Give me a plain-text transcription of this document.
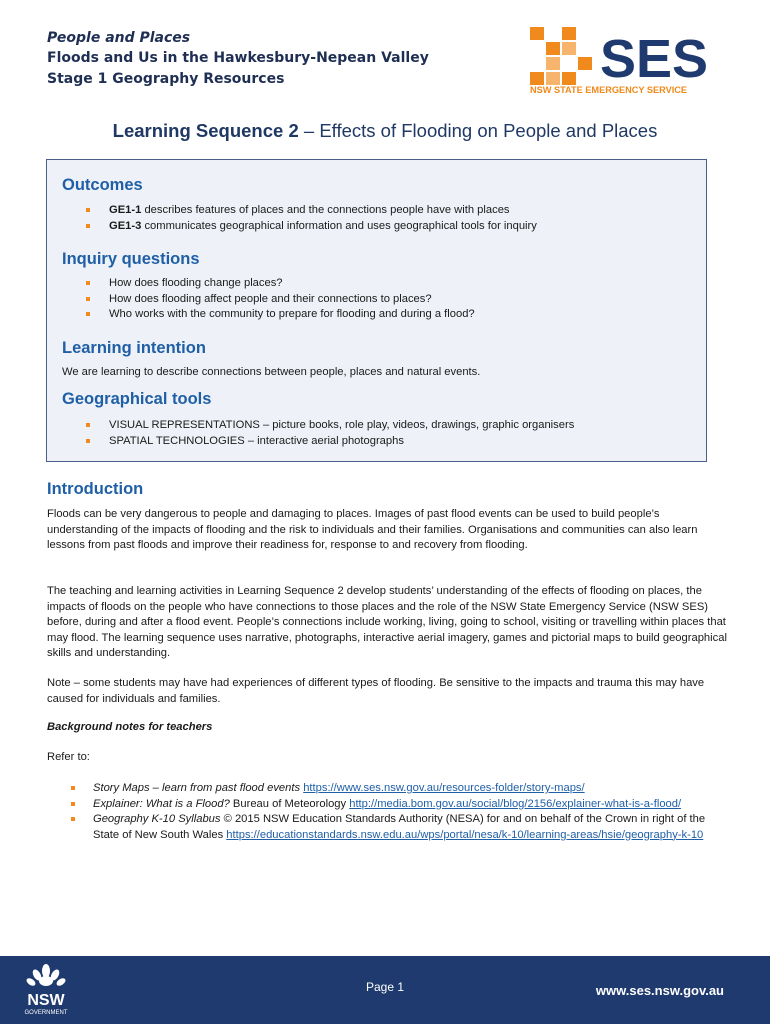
People and Places
Floods and Us in the Hawkesbury-Nepean Valley
Stage 1 Geography Resources	SES
NSW STATE EMERGENCY SERVICE
Learning Sequence 2 – Effects of Flooding on People and Places
Outcomes
GE1-1 describes features of places and the connections people have with places
GE1-3 communicates geographical information and uses geographical tools for inquiry
Inquiry questions
How does flooding change places?
How does flooding affect people and their connections to places?
Who works with the community to prepare for flooding and during a flood?
Learning intention

We are learning to describe connections between people, places and natural events.

Geographical tools
VISUAL REPRESENTATIONS – picture books, role play, videos, drawings, graphic organisers
SPATIAL TECHNOLOGIES – interactive aerial photographs
Introduction

Floods can be very dangerous to people and damaging to places. Images of past flood events can be used to build people’s understanding of the impacts of flooding and the risk to individuals and their families. Organisations and communities can also learn lessons from past floods and improve their readiness for, response to and recovery from flooding.

The teaching and learning activities in Learning Sequence 2 develop students’ understanding of the effects of flooding on places, the impacts of floods on the people who have connections to those places and the role of the NSW State Emergency Service (NSW SES) before, during and after a flood event. People’s connections include working, living, going to school, visiting or travelling within places that may flood. The learning sequence uses narrative, photographs, interactive aerial imagery, games and pictorial maps to build geographical skills and understanding.

Note – some students may have had experiences of different types of flooding. Be sensitive to the impacts and trauma this may have caused for individuals and families.

Background notes for teachers

Refer to:

Story Maps – learn from past flood events https://www.ses.nsw.gov.au/resources-folder/story-maps/
Explainer: What is a Flood? Bureau of Meteorology http://media.bom.gov.au/social/blog/2156/explainer-what-is-a-flood/
Geography K-10 Syllabus © 2015 NSW Education Standards Authority (NESA) for and on behalf of the Crown in right of the State of New South Wales https://educationstandards.nsw.edu.au/wps/portal/nesa/k-10/learning-areas/hsie/geography-k-10
NSW
GOVERNMENT
Page 1	www.ses.nsw.gov.au
